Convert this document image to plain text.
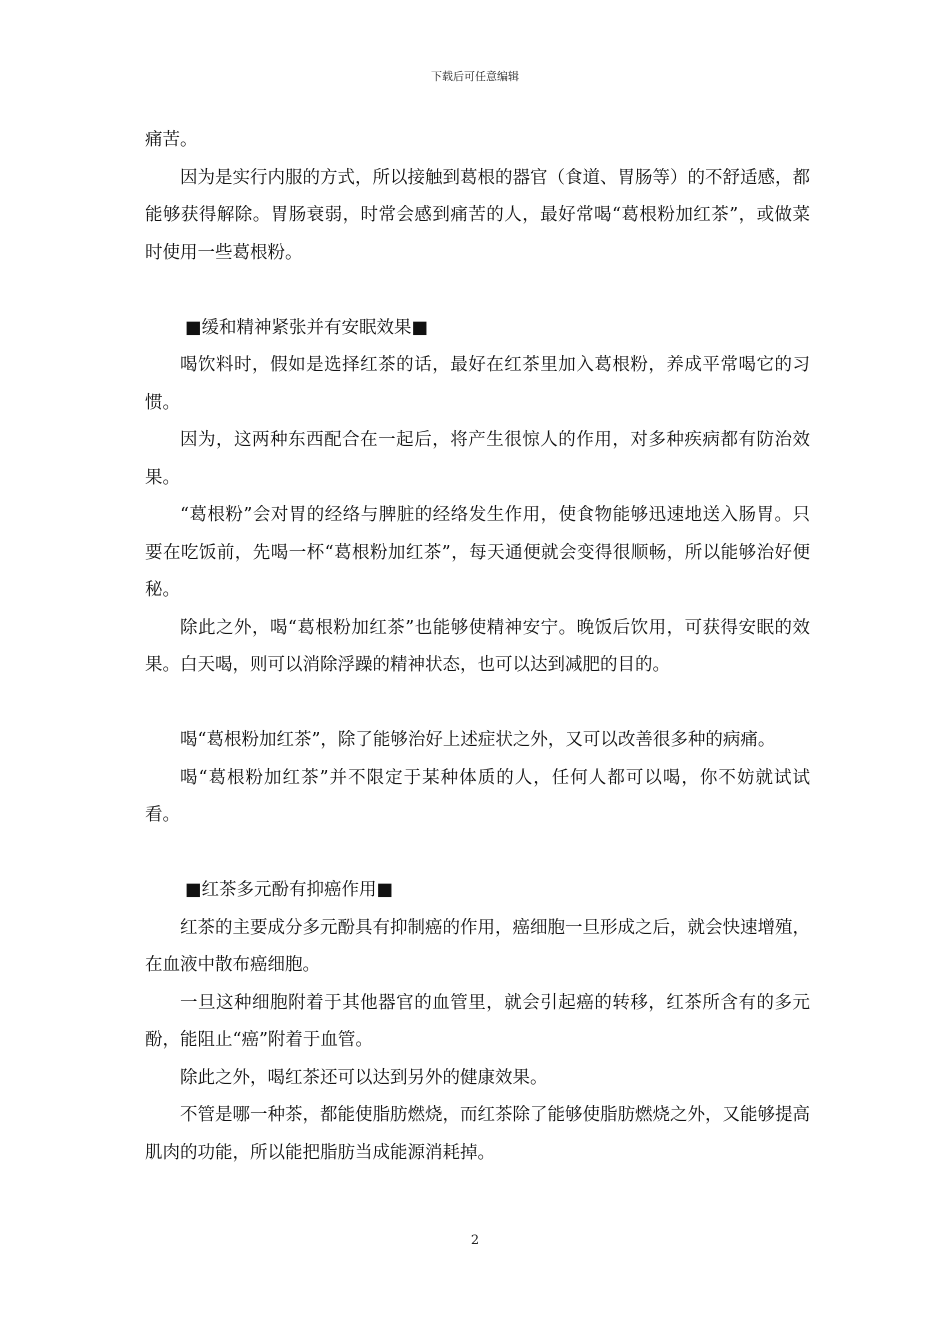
下载后可任意编辑

痛苦。

因为是实行内服的方式，所以接触到葛根的器官（食道、胃肠等）的不舒适感，都能够获得解除。胃肠衰弱，时常会感到痛苦的人，最好常喝“葛根粉加红茶”，或做菜时使用一些葛根粉。

■缓和精神紧张并有安眠效果■

喝饮料时，假如是选择红茶的话，最好在红茶里加入葛根粉，养成平常喝它的习惯。

因为，这两种东西配合在一起后，将产生很惊人的作用，对多种疾病都有防治效果。

“葛根粉”会对胃的经络与脾脏的经络发生作用，使食物能够迅速地送入肠胃。只要在吃饭前，先喝一杯“葛根粉加红茶”，每天通便就会变得很顺畅，所以能够治好便秘。

除此之外，喝“葛根粉加红茶”也能够使精神安宁。晚饭后饮用，可获得安眠的效果。白天喝，则可以消除浮躁的精神状态，也可以达到减肥的目的。

喝“葛根粉加红茶”，除了能够治好上述症状之外，又可以改善很多种的病痛。

喝“葛根粉加红茶”并不限定于某种体质的人，任何人都可以喝，你不妨就试试看。

■红茶多元酚有抑癌作用■

红茶的主要成分多元酚具有抑制癌的作用，癌细胞一旦形成之后，就会快速增殖，在血液中散布癌细胞。

一旦这种细胞附着于其他器官的血管里，就会引起癌的转移，红茶所含有的多元酚，能阻止“癌”附着于血管。

除此之外，喝红茶还可以达到另外的健康效果。

不管是哪一种茶，都能使脂肪燃烧，而红茶除了能够使脂肪燃烧之外，又能够提高肌肉的功能，所以能把脂肪当成能源消耗掉。

2
